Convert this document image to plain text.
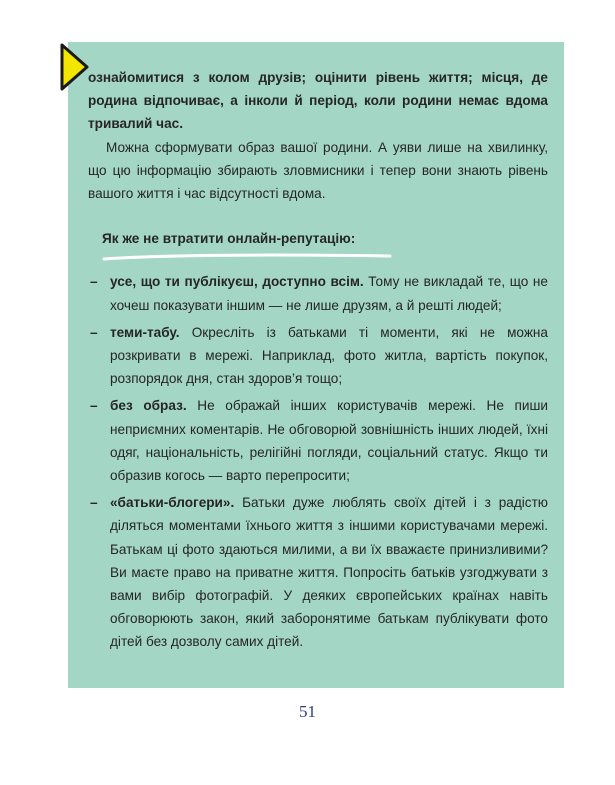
ознайомитися з колом друзів; оцінити рівень життя; місця, де родина відпочиває, а інколи й період, коли родини немає вдома тривалий час.

Можна сформувати образ вашої родини. А уяви лише на хвилинку, що цю інформацію збирають зловмисники і тепер вони знають рівень вашого життя і час відсутності вдома.

Як же не втратити онлайн-репутацію:
– усе, що ти публікуєш, доступно всім. Тому не викладай те, що не хочеш показувати іншим — не лише друзям, а й решті людей;
– теми-табу. Окресліть із батьками ті моменти, які не можна розкривати в мережі. Наприклад, фото житла, вартість покупок, розпорядок дня, стан здоров’я тощо;
– без образ. Не ображай інших користувачів мережі. Не пиши неприємних коментарів. Не обговорюй зовнішність інших людей, їхні одяг, національність, релігійні погляди, соціальний статус. Якщо ти образив когось — варто перепросити;
– «батьки-блогери». Батьки дуже люблять своїх дітей і з радістю діляться моментами їхнього життя з іншими користувачами мережі. Батькам ці фото здаються милими, а ви їх вважаєте принизливими? Ви маєте право на приватне життя. Попросіть батьків узгоджувати з вами вибір фотографій. У деяких європейських країнах навіть обговорюють закон, який заборонятиме батькам публікувати фото дітей без дозволу самих дітей.
51
